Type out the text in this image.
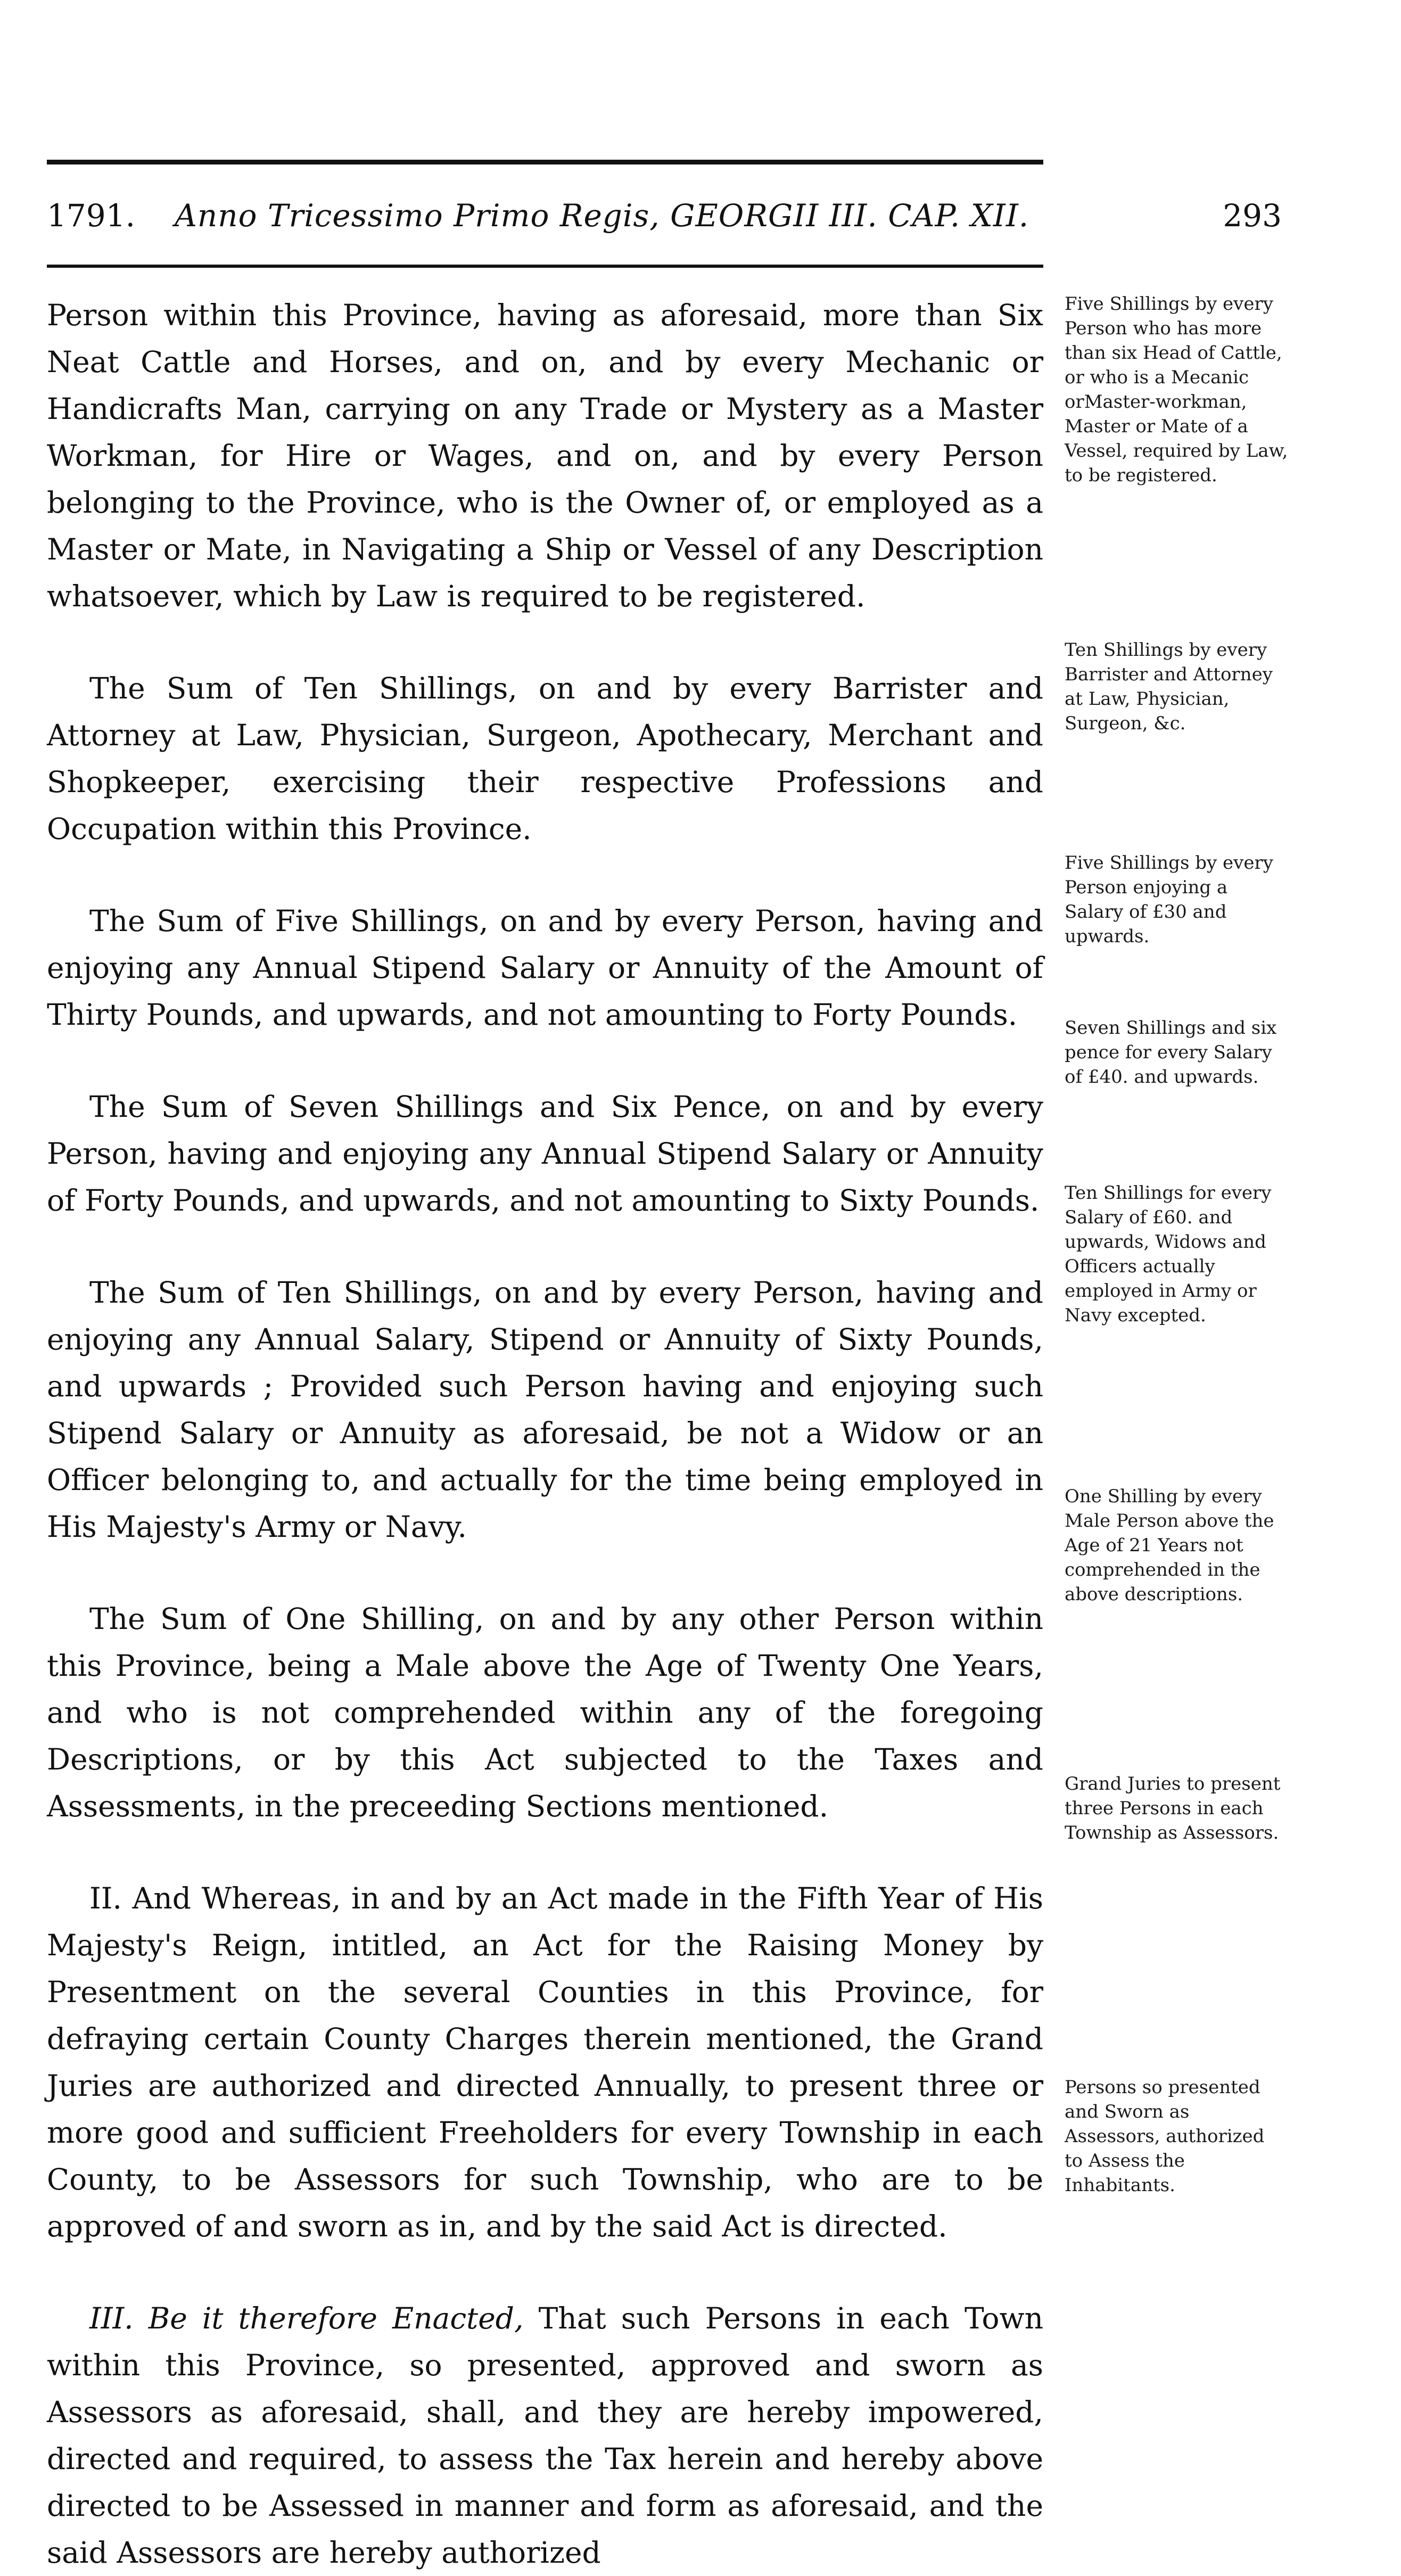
1791. Anno Tricessimo Primo Regis, GEORGII III. CAP. XII.	293

Person within this Province, having as aforesaid, more than Six Neat Cattle and Horses, and on, and by every Mechanic or Handicrafts Man, carrying on any Trade or Mystery as a Master Workman, for Hire or Wages, and on, and by every Person belonging to the Province, who is the Owner of, or employed as a Master or Mate, in Navigating a Ship or Vessel of any Description whatsoever, which by Law is required to be registered.

The Sum of Ten Shillings, on and by every Barrister and Attorney at Law, Physician, Surgeon, Apothecary, Merchant and Shopkeeper, exercising their respective Professions and Occupation within this Province.

The Sum of Five Shillings, on and by every Person, having and enjoying any Annual Stipend Salary or Annuity of the Amount of Thirty Pounds, and upwards, and not amounting to Forty Pounds.

The Sum of Seven Shillings and Six Pence, on and by every Person, having and enjoying any Annual Stipend Salary or Annuity of Forty Pounds, and upwards, and not amounting to Sixty Pounds.

The Sum of Ten Shillings, on and by every Person, having and enjoying any Annual Salary, Stipend or Annuity of Sixty Pounds, and upwards ; Provided such Person having and enjoying such Stipend Salary or Annuity as aforesaid, be not a Widow or an Officer belonging to, and actually for the time being employed in His Majesty's Army or Navy.

The Sum of One Shilling, on and by any other Person within this Province, being a Male above the Age of Twenty One Years, and who is not comprehended within any of the foregoing Descriptions, or by this Act subjected to the Taxes and Assessments, in the preceeding Sections mentioned.

II. And Whereas, in and by an Act made in the Fifth Year of His Majesty's Reign, intitled, an Act for the Raising Money by Presentment on the several Counties in this Province, for defraying certain County Charges therein mentioned, the Grand Juries are authorized and directed Annually, to present three or more good and sufficient Freeholders for every Township in each County, to be Assessors for such Township, who are to be approved of and sworn as in, and by the said Act is directed.

III. Be it therefore Enacted, That such Persons in each Town within this Province, so presented, approved and sworn as Assessors as aforesaid, shall, and they are hereby impowered, directed and required, to assess the Tax herein and hereby above directed to be Assessed in manner and form as aforesaid, and the said Assessors are hereby authorized

Five Shillings by every Person who has more than six Head of Cattle, or who is a Mecanic orMaster-workman, Master or Mate of a Vessel, required by Law, to be registered.

Ten Shillings by every Barrister and Attorney at Law, Physician, Surgeon, &c.

Five Shillings by every Person enjoying a Salary of £30 and upwards.

Seven Shillings and six pence for every Salary of £40. and upwards.

Ten Shillings for every Salary of £60. and upwards, Widows and Officers actually employed in Army or Navy excepted.

One Shilling by every Male Person above the Age of 21 Years not comprehended in the above descriptions.

Grand Juries to present three Persons in each Township as Assessors.

Persons so presented and Sworn as Assessors, authorized to Assess the Inhabitants.
